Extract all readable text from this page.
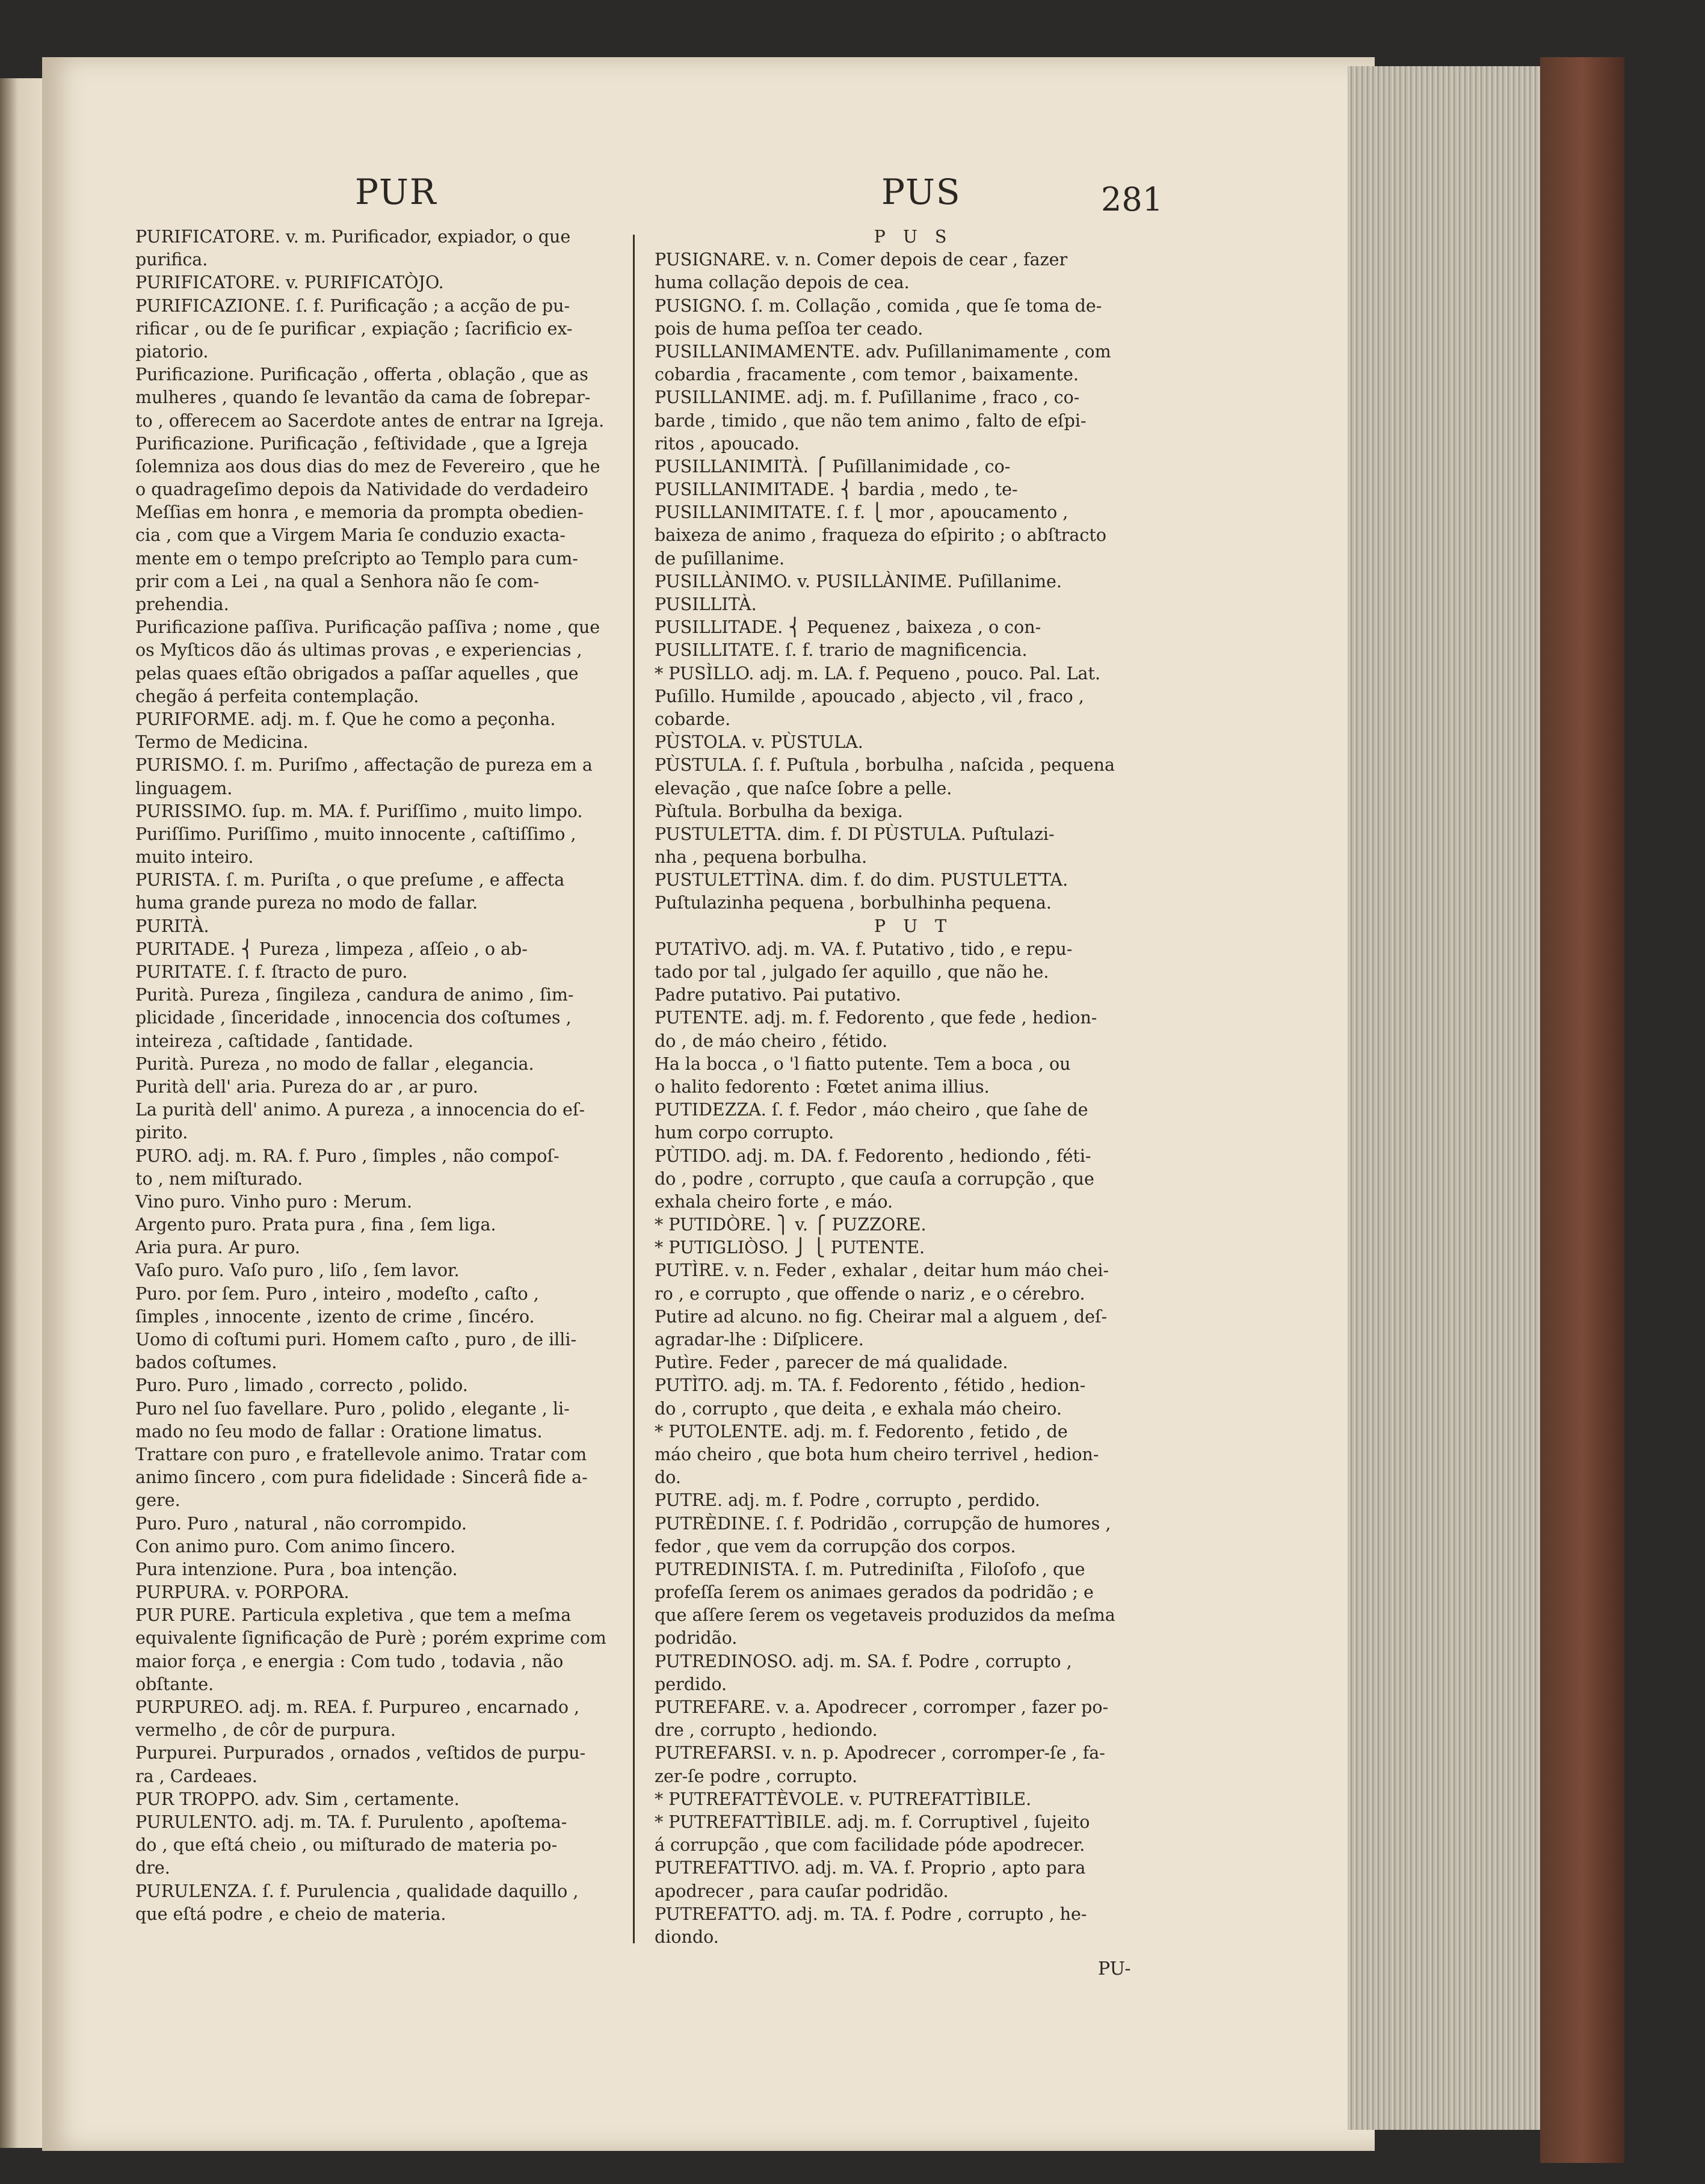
PUR	PUS	281
PURIFICATORE. v. m. Purificador, expiador, o que
purifica.
PURIFICATORE. v. PURIFICATÒJO.
PURIFICAZIONE. ſ. f. Purificação ; a acção de pu-
rificar , ou de ſe purificar , expiação ; ſacrificio ex-
piatorio.
Purificazione. Purificação , offerta , oblação , que as
mulheres , quando ſe levantão da cama de ſobrepar-
to , offerecem ao Sacerdote antes de entrar na Igreja.
Purificazione. Purificação , feſtividade , que a Igreja
ſolemniza aos dous dias do mez de Fevereiro , que he
o quadrageſimo depois da Natividade do verdadeiro
Meſſias em honra , e memoria da prompta obedien-
cia , com que a Virgem Maria ſe conduzio exacta-
mente em o tempo preſcripto ao Templo para cum-
prir com a Lei , na qual a Senhora não ſe com-
prehendia.
Purificazione paſſiva. Purificação paſſiva ; nome , que
os Myſticos dão ás ultimas provas , e experiencias ,
pelas quaes eſtão obrigados a paſſar aquelles , que
chegão á perfeita contemplação.
PURIFORME. adj. m. f. Que he como a peçonha.
Termo de Medicina.
PURISMO. ſ. m. Puriſmo , affectação de pureza em a
linguagem.
PURISSIMO. ſup. m. MA. f. Puriſſimo , muito limpo.
Puriſſimo. Puriſſimo , muito innocente , caſtiſſimo ,
muito inteiro.
PURISTA. ſ. m. Puriſta , o que preſume , e affecta
huma grande pureza no modo de fallar.
PURITÀ.
PURITADE. ⎨ Pureza , limpeza , aſſeio , o ab-
PURITATE. ſ. f. ſtracto de puro.
Purità. Pureza , ſingileza , candura de animo , ſim-
plicidade , ſinceridade , innocencia dos coſtumes ,
inteireza , caſtidade , ſantidade.
Purità. Pureza , no modo de fallar , elegancia.
Purità dell' aria. Pureza do ar , ar puro.
La purità dell' animo. A pureza , a innocencia do eſ-
pirito.
PURO. adj. m. RA. f. Puro , ſimples , não compoſ-
to , nem miſturado.
Vino puro. Vinho puro : Merum.
Argento puro. Prata pura , fina , ſem liga.
Aria pura. Ar puro.
Vaſo puro. Vaſo puro , liſo , ſem lavor.
Puro. por ſem. Puro , inteiro , modeſto , caſto ,
ſimples , innocente , izento de crime , ſincéro.
Uomo di coſtumi puri. Homem caſto , puro , de illi-
bados coſtumes.
Puro. Puro , limado , correcto , polido.
Puro nel ſuo favellare. Puro , polido , elegante , li-
mado no ſeu modo de fallar : Oratione limatus.
Trattare con puro , e fratellevole animo. Tratar com
animo ſincero , com pura fidelidade : Sincerâ fide a-
gere.
Puro. Puro , natural , não corrompido.
Con animo puro. Com animo ſincero.
Pura intenzione. Pura , boa intenção.
PURPURA. v. PORPORA.
PUR PURE. Particula expletiva , que tem a meſma
equivalente ſignificação de Purè ; porém exprime com
maior força , e energia : Com tudo , todavia , não
obſtante.
PURPUREO. adj. m. REA. f. Purpureo , encarnado ,
vermelho , de côr de purpura.
Purpurei. Purpurados , ornados , veſtidos de purpu-
ra , Cardeaes.
PUR TROPPO. adv. Sim , certamente.
PURULENTO. adj. m. TA. f. Purulento , apoſtema-
do , que eſtá cheio , ou miſturado de materia po-
dre.
PURULENZA. ſ. f. Purulencia , qualidade daquillo ,
que eſtá podre , e cheio de materia.
P U S
PUSIGNARE. v. n. Comer depois de cear , fazer
huma collação depois de cea.
PUSIGNO. ſ. m. Collação , comida , que ſe toma de-
pois de huma peſſoa ter ceado.
PUSILLANIMAMENTE. adv. Puſillanimamente , com
cobardia , fracamente , com temor , baixamente.
PUSILLANIME. adj. m. f. Puſillanime , fraco , co-
barde , timido , que não tem animo , falto de eſpi-
ritos , apoucado.
PUSILLANIMITÀ. ⎧ Puſillanimidade , co-
PUSILLANIMITADE. ⎨ bardia , medo , te-
PUSILLANIMITATE. ſ. f. ⎩ mor , apoucamento ,
baixeza de animo , fraqueza do eſpirito ; o abſtracto
de puſillanime.
PUSILLÀNIMO. v. PUSILLÀNIME. Puſillanime.
PUSILLITÀ.
PUSILLITADE. ⎨ Pequenez , baixeza , o con-
PUSILLITATE. ſ. f. trario de magnificencia.
* PUSÌLLO. adj. m. LA. f. Pequeno , pouco. Pal. Lat.
Puſillo. Humilde , apoucado , abjecto , vil , fraco ,
cobarde.
PÙSTOLA. v. PÙSTULA.
PÙSTULA. ſ. f. Puſtula , borbulha , naſcida , pequena
elevação , que naſce ſobre a pelle.
Pùſtula. Borbulha da bexiga.
PUSTULETTA. dim. f. DI PÙSTULA. Puſtulazi-
nha , pequena borbulha.
PUSTULETTÌNA. dim. f. do dim. PUSTULETTA.
Puſtulazinha pequena , borbulhinha pequena.
P U T
PUTATÌVO. adj. m. VA. f. Putativo , tido , e repu-
tado por tal , julgado ſer aquillo , que não he.
Padre putativo. Pai putativo.
PUTENTE. adj. m. f. Fedorento , que fede , hedion-
do , de máo cheiro , fétido.
Ha la bocca , o 'l fiatto putente. Tem a boca , ou
o halito fedorento : Fœtet anima illius.
PUTIDEZZA. ſ. f. Fedor , máo cheiro , que ſahe de
hum corpo corrupto.
PÙTIDO. adj. m. DA. f. Fedorento , hediondo , féti-
do , podre , corrupto , que cauſa a corrupção , que
exhala cheiro forte , e máo.
* PUTIDÒRE. ⎫ v. ⎧ PUZZORE.
* PUTIGLIÒSO. ⎭ ⎩ PUTENTE.
PUTÌRE. v. n. Feder , exhalar , deitar hum máo chei-
ro , e corrupto , que offende o nariz , e o cérebro.
Putire ad alcuno. no fig. Cheirar mal a alguem , deſ-
agradar-lhe : Diſplicere.
Putìre. Feder , parecer de má qualidade.
PUTÌTO. adj. m. TA. f. Fedorento , fétido , hedion-
do , corrupto , que deita , e exhala máo cheiro.
* PUTOLENTE. adj. m. f. Fedorento , fetido , de
máo cheiro , que bota hum cheiro terrivel , hedion-
do.
PUTRE. adj. m. f. Podre , corrupto , perdido.
PUTRÈDINE. ſ. f. Podridão , corrupção de humores ,
fedor , que vem da corrupção dos corpos.
PUTREDINISTA. ſ. m. Putrediniſta , Filoſofo , que
profeſſa ſerem os animaes gerados da podridão ; e
que aſſere ſerem os vegetaveis produzidos da meſma
podridão.
PUTREDINOSO. adj. m. SA. f. Podre , corrupto ,
perdido.
PUTREFARE. v. a. Apodrecer , corromper , fazer po-
dre , corrupto , hediondo.
PUTREFARSI. v. n. p. Apodrecer , corromper-ſe , fa-
zer-ſe podre , corrupto.
* PUTREFATTÈVOLE. v. PUTREFATTÌBILE.
* PUTREFATTÌBILE. adj. m. f. Corruptivel , ſujeito
á corrupção , que com facilidade póde apodrecer.
PUTREFATTIVO. adj. m. VA. f. Proprio , apto para
apodrecer , para cauſar podridão.
PUTREFATTO. adj. m. TA. f. Podre , corrupto , he-
diondo.
PU-
